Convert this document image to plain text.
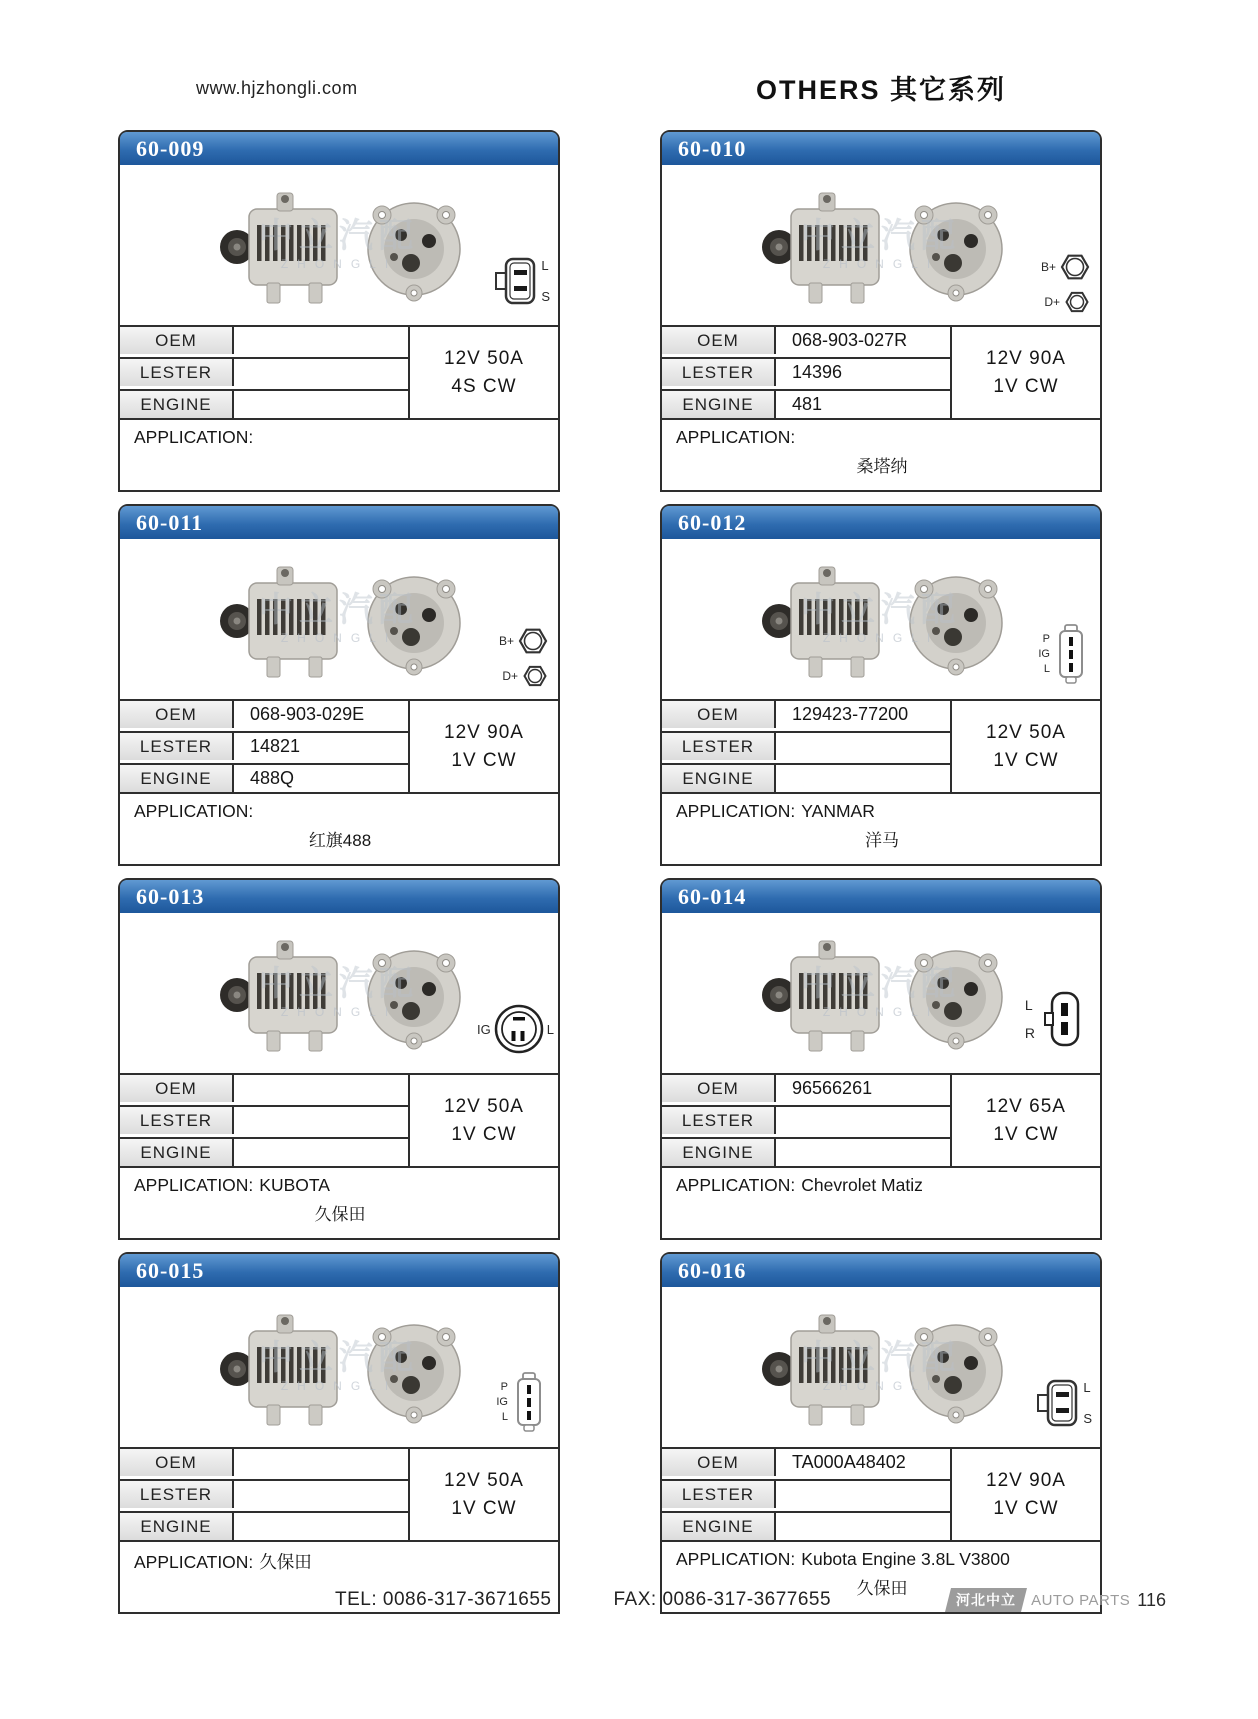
www.hjzhongli.com	OTHERS 其它系列
60-009
中立汽配
ZHONGLI	L
S
OEM
LESTER
ENGINE
12V 50A
4S CW
APPLICATION:
60-010
中立汽配
ZHONGLI	B+
D+
OEM	068-903-027R
LESTER	14396
ENGINE	481
12V 90A
1V CW
APPLICATION:
桑塔纳
60-011
中立汽配
ZHONGLI	B+
D+
OEM	068-903-029E
LESTER	14821
ENGINE	488Q
12V 90A
1V CW
APPLICATION:
红旗488
60-012
中立汽配
ZHONGLI	P
IG
L
OEM	129423-77200
LESTER
ENGINE
12V 50A
1V CW
APPLICATION: YANMAR
洋马
60-013
中立汽配
ZHONGLI
IG	L
OEM
LESTER
ENGINE
12V 50A
1V CW
APPLICATION: KUBOTA
久保田
60-014
中立汽配
ZHONGLI	L
R
OEM	96566261
LESTER
ENGINE
12V 65A
1V CW
APPLICATION: Chevrolet Matiz
60-015
中立汽配
ZHONGLI	P
IG
L
OEM
LESTER
ENGINE
12V 50A
1V CW
APPLICATION: 久保田
60-016
中立汽配
ZHONGLI	L
S
OEM	TA000A48402
LESTER
ENGINE
12V 90A
1V CW
APPLICATION: Kubota Engine 3.8L V3800
久保田
TEL: 0086-317-3671655	FAX: 0086-317-3677655	河北中立	AUTO PARTS 116
